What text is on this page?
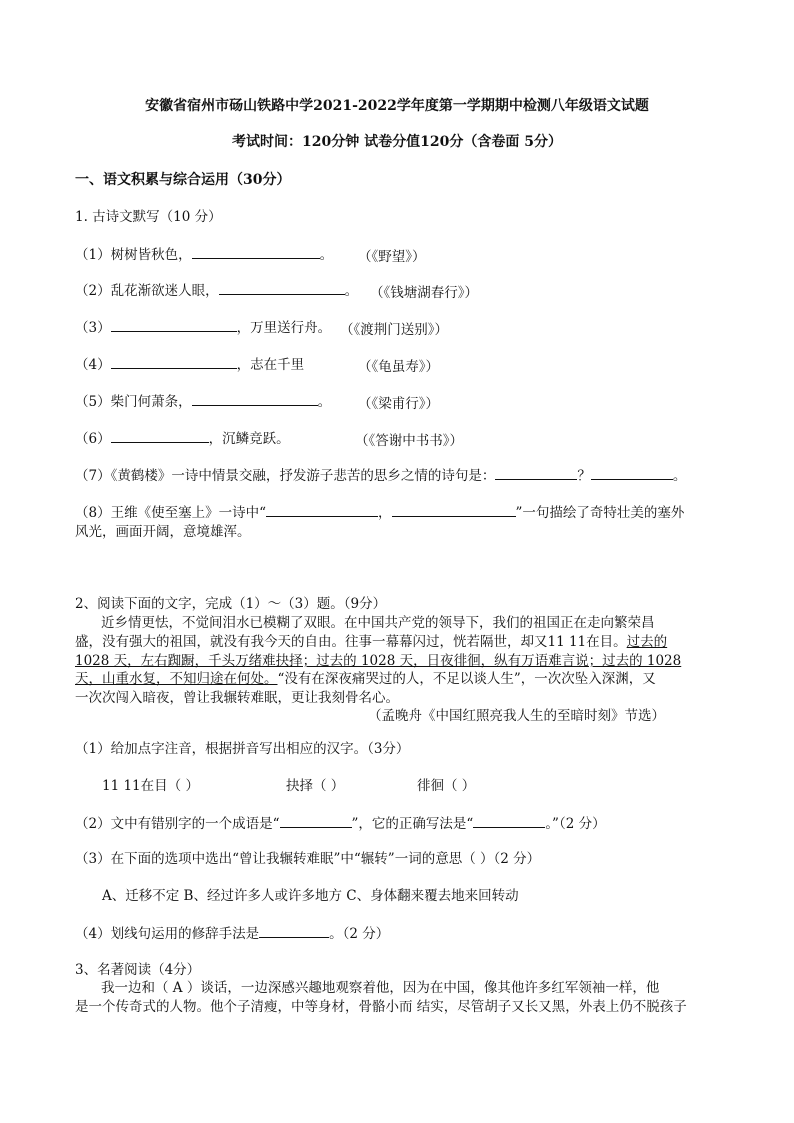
安徽省宿州市砀山铁路中学2021-2022学年度第一学期期中检测八年级语文试题
考试时间：120分钟 试卷分值120分（含卷面 5分）
一、语文积累与综合运用（30分）
1. 古诗文默写（10 分）
（1）树树皆秋色，	。 （《野望》）
（2）乱花渐欲迷人眼，	。 （《钱塘湖春行》）
（3）	，万里送行舟。 （《渡荆门送别》）
（4）	，志在千里	（《龟虽寿》）
（5）柴门何萧条，	。 （《梁甫行》）
（6）	，沉鳞竞跃。	（《答谢中书书》）
（7）《黄鹤楼》一诗中情景交融，抒发游子悲苦的思乡之情的诗句是：	？	。
（8）王维《使至塞上》一诗中“	，	”一句描绘了奇特壮美的塞外
风光，画面开阔，意境雄浑。
2、阅读下面的文字，完成（1）～（3）题。（9分）
近乡情更怯，不觉间泪水已模糊了双眼。在中国共产党的领导下，我们的祖国正在走向繁荣昌
盛，没有强大的祖国，就没有我今天的自由。往事一幕幕闪过，恍若隔世，却又11 11在目。过去的
1028 天，左右踟蹰，千头万绪难抉择；过去的 1028 天，日夜徘徊，纵有万语难言说；过去的 1028
天，山重水复，不知归途在何处。“没有在深夜痛哭过的人，不足以谈人生”，一次次坠入深渊，又
一次次闯入暗夜，曾让我辗转难眠，更让我刻骨名心。
（孟晚舟《中国红照亮我人生的至暗时刻》节选）
（1）给加点字注音，根据拼音写出相应的汉字。（3分）
11 11在目（ ）	抉择（ ）	徘徊（ ）
（2）文中有错别字的一个成语是“	”，它的正确写法是“	。”（2 分）
（3）在下面的选项中选出“曾让我辗转难眠”中“辗转”一词的意思（ ）（2 分）
A、迁移不定 B、经过许多人或许多地方 C、身体翻来覆去地来回转动
（4）划线句运用的修辞手法是	。（2 分）
3、名著阅读（4分）
我一边和（ A ）谈话，一边深感兴趣地观察着他，因为在中国，像其他许多红军领袖一样，他
是一个传奇式的人物。他个子清瘦，中等身材，骨骼小而 结实，尽管胡子又长又黑，外表上仍不脱孩子
